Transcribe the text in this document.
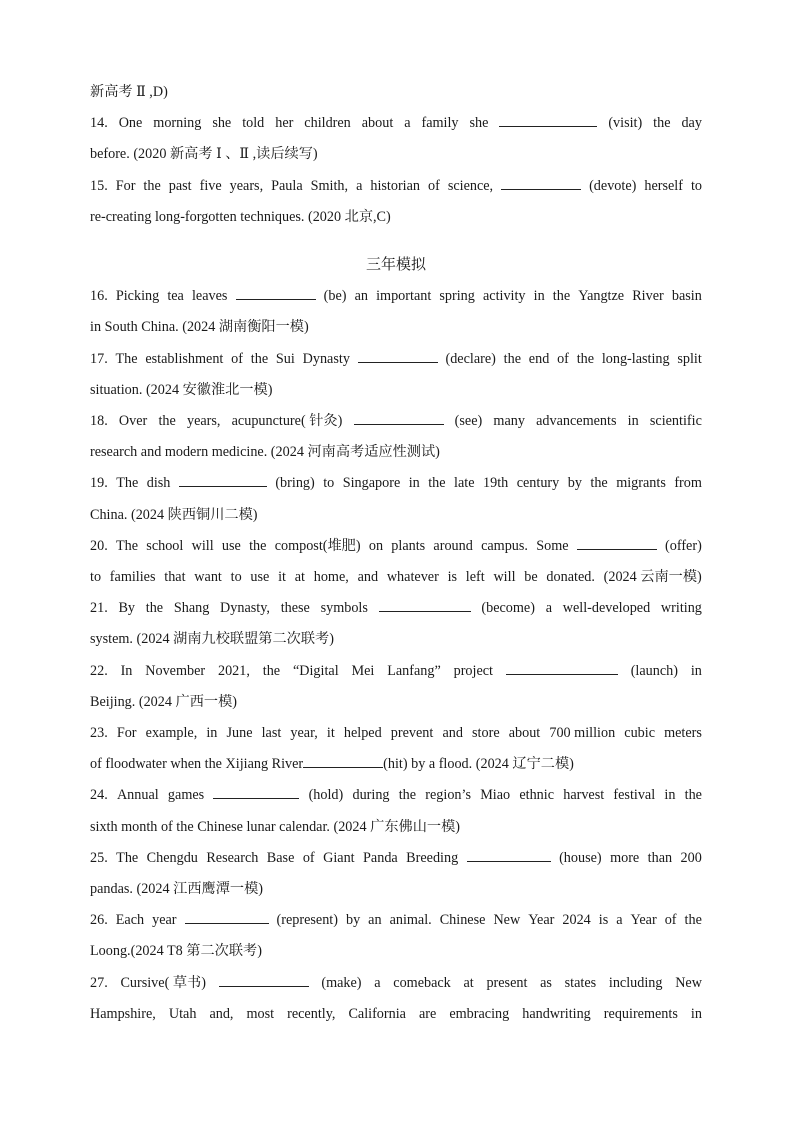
新高考 Ⅱ ,D)
14. One morning she told her children about a family she	(visit) the day
before. (2020 新高考 Ⅰ 、Ⅱ ,读后续写)
15. For the past five years, Paula Smith, a historian of science,	(devote) herself to
re-creating long-forgotten techniques. (2020 北京,C)
三年模拟
16. Picking tea leaves	(be) an important spring activity in the Yangtze River basin
in South China. (2024 湖南衡阳一模)
17. The establishment of the Sui Dynasty	(declare) the end of the long-lasting split
situation. (2024 安徽淮北一模)
18. Over the years, acupuncture( 针灸)	(see) many advancements in scientific
research and modern medicine. (2024 河南高考适应性测试)
19. The dish	(bring) to Singapore in the late 19th century by the migrants from
China. (2024 陕西铜川二模)
20. The school will use the compost(堆肥) on plants around campus. Some	(offer)
to families that want to use it at home, and whatever is left will be donated. (2024 云南一模)
21. By the Shang Dynasty, these symbols	(become) a well-developed writing
system. (2024 湖南九校联盟第二次联考)
22. In November 2021, the “Digital Mei Lanfang” project	(launch) in
Beijing. (2024 广西一模)
23. For example, in June last year, it helped prevent and store about 700 million cubic meters
of floodwater when the Xijiang River	(hit) by a flood. (2024 辽宁二模)
24. Annual games	(hold) during the region’s Miao ethnic harvest festival in the
sixth month of the Chinese lunar calendar. (2024 广东佛山一模)
25. The Chengdu Research Base of Giant Panda Breeding	(house) more than 200
pandas. (2024 江西鹰潭一模)
26. Each year	(represent) by an animal. Chinese New Year 2024 is a Year of the
Loong.(2024 T8 第二次联考)
27. Cursive( 草书)	(make) a comeback at present as states including New
Hampshire, Utah and, most recently, California are embracing handwriting requirements in
